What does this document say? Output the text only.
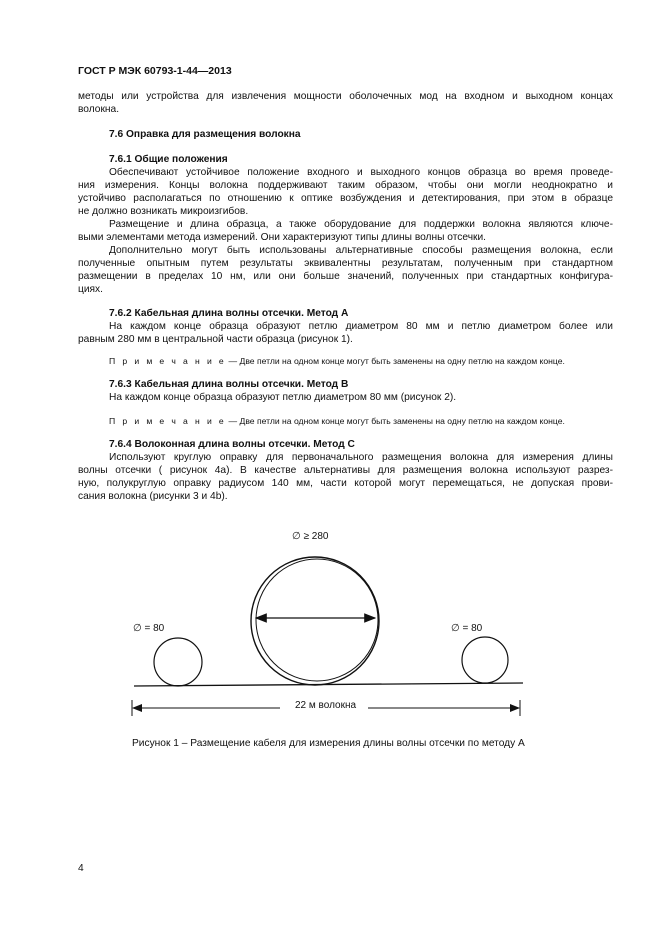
ГОСТ Р МЭК 60793-1-44—2013
методы или устройства для извлечения мощности оболочечных мод на входном и выходном концах
волокна.
7.6 Оправка для размещения волокна
7.6.1 Общие положения
Обеспечивают устойчивое положение входного и выходного концов образца во время проведе-
ния измерения. Концы волокна поддерживают таким образом, чтобы они могли неоднократно и
устойчиво располагаться по отношению к оптике возбуждения и детектирования, при этом в образце
не должно возникать микроизгибов.
Размещение и длина образца, а также оборудование для поддержки волокна являются ключе-
выми элементами метода измерений. Они характеризуют типы длины волны отсечки.
Дополнительно могут быть использованы альтернативные способы размещения волокна, если
полученные опытным путем результаты эквивалентны результатам, полученным при стандартном
размещении в пределах 10 нм, или они больше значений, полученных при стандартных конфигура-
циях.
7.6.2 Кабельная длина волны отсечки. Метод А
На каждом конце образца образуют петлю диаметром 80 мм и петлю диаметром более или
равным 280 мм в центральной части образца (рисунок 1).
П р и м е ч а н и е — Две петли на одном конце могут быть заменены на одну петлю на каждом конце.
7.6.3 Кабельная длина волны отсечки. Метод В
На каждом конце образца образуют петлю диаметром 80 мм (рисунок 2).
П р и м е ч а н и е — Две петли на одном конце могут быть заменены на одну петлю на каждом конце.
7.6.4 Волоконная длина волны отсечки. Метод С
Используют круглую оправку для первоначального размещения волокна для измерения длины
волны отсечки ( рисунок 4а). В качестве альтернативы для размещения волокна используют разрез-
ную, полукруглую оправку радиусом 140 мм, части которой могут перемещаться, не допуская прови-
сания волокна (рисунки 3 и 4b).
∅ ≥ 280
∅ = 80	∅ = 80
22 м волокна
Рисунок 1 – Размещение кабеля для измерения длины волны отсечки по методу А
4
